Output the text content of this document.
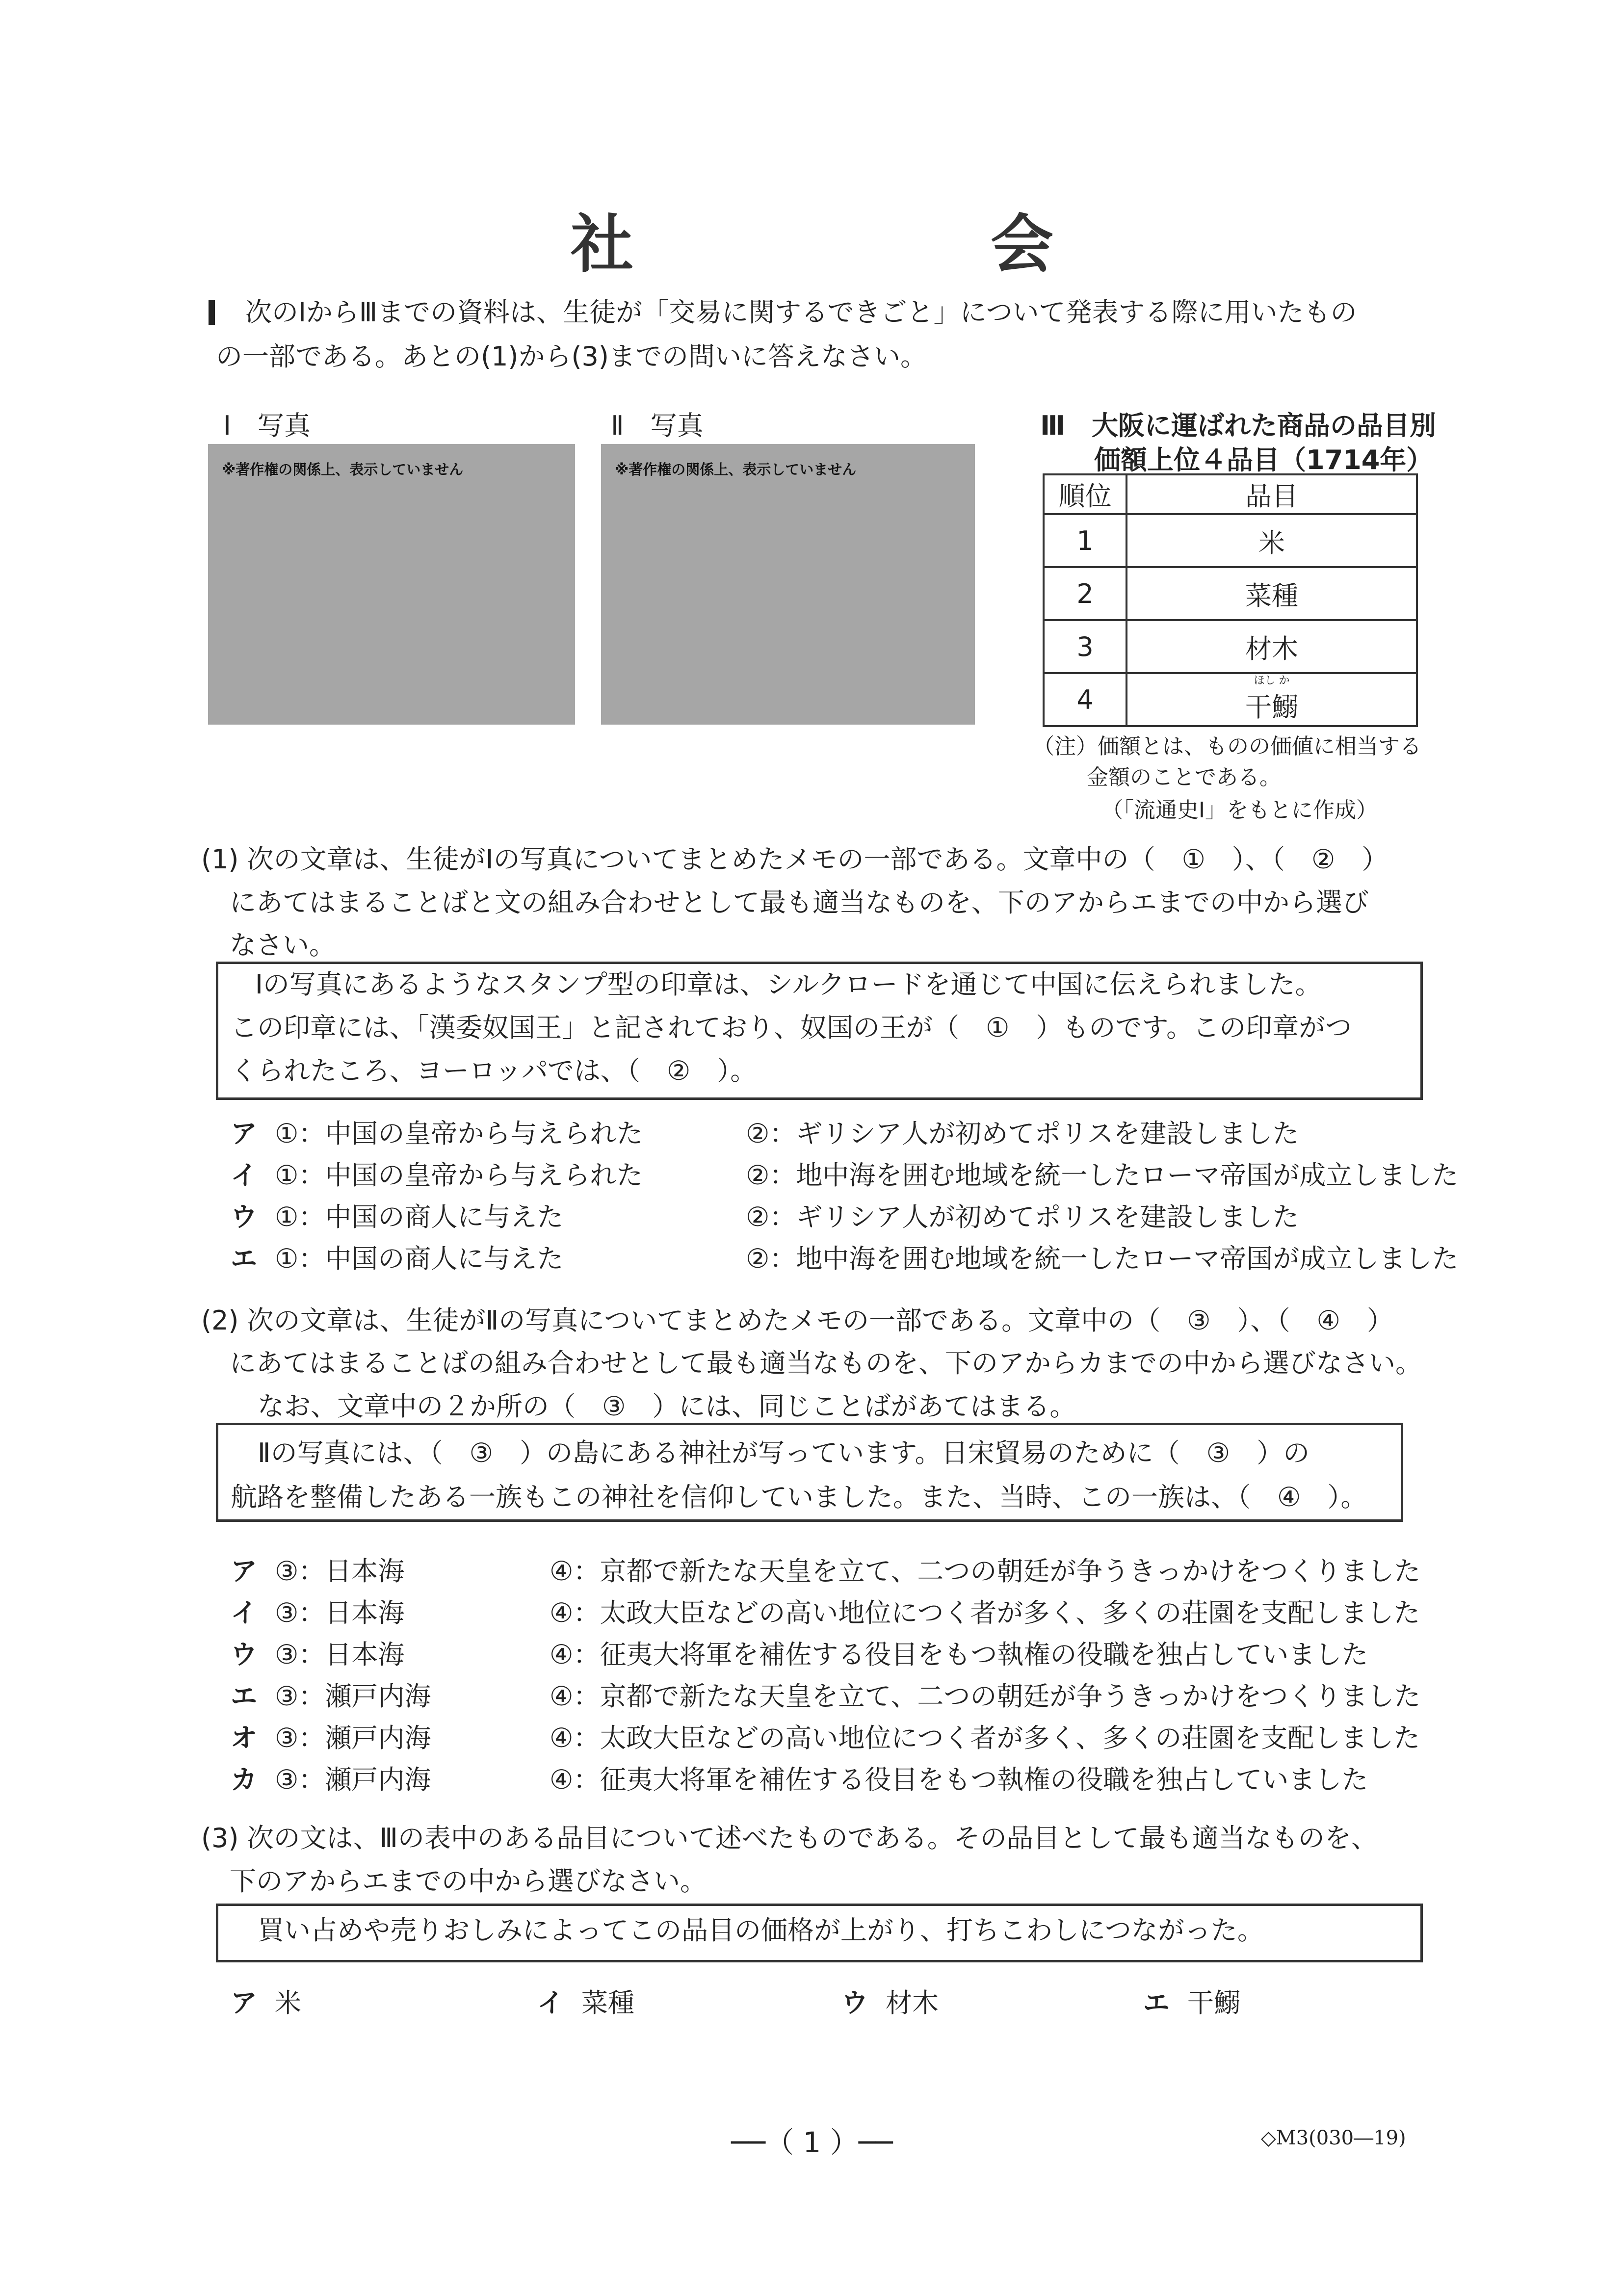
社　会
次のⅠからⅢまでの資料は、生徒が「交易に関するできごと」について発表する際に用いたもの
の一部である。あとの(1)から(3)までの問いに答えなさい。
Ⅰ　写真
※著作権の関係上、表示していません
Ⅱ　写真
※著作権の関係上、表示していません
Ⅲ　大阪に運ばれた商品の品目別
価額上位４品目（1714年）
順位	品目
1	米
2	菜種
3	材木
4	ほし か
干鰯
（注）価額とは、ものの価値に相当する
金額のことである。
（「流通史Ⅰ」をもとに作成）
(1) 次の文章は、生徒がⅠの写真についてまとめたメモの一部である。文章中の（　①　）、（　②　）
にあてはまることばと文の組み合わせとして最も適当なものを、下のアからエまでの中から選び
なさい。
Ⅰの写真にあるようなスタンプ型の印章は、シルクロードを通じて中国に伝えられました。
この印章には、「漢委奴国王」と記されており、奴国の王が（　①　）ものです。この印章がつ
くられたころ、ヨーロッパでは、（　②　）。
ア ①：中国の皇帝から与えられた	②：ギリシア人が初めてポリスを建設しました
イ ①：中国の皇帝から与えられた	②：地中海を囲む地域を統一したローマ帝国が成立しました
ウ ①：中国の商人に与えた	②：ギリシア人が初めてポリスを建設しました
エ ①：中国の商人に与えた	②：地中海を囲む地域を統一したローマ帝国が成立しました
(2) 次の文章は、生徒がⅡの写真についてまとめたメモの一部である。文章中の（　③　）、（　④　）
にあてはまることばの組み合わせとして最も適当なものを、下のアからカまでの中から選びなさい。
なお、文章中の２か所の（　③　）には、同じことばがあてはまる。
Ⅱの写真には、（　③　）の島にある神社が写っています。日宋貿易のために（　③　）の
航路を整備したある一族もこの神社を信仰していました。また、当時、この一族は、（　④　）。
ア ③：日本海	④：京都で新たな天皇を立て、二つの朝廷が争うきっかけをつくりました
イ ③：日本海	④：太政大臣などの高い地位につく者が多く、多くの荘園を支配しました
ウ ③：日本海	④：征夷大将軍を補佐する役目をもつ執権の役職を独占していました
エ ③：瀬戸内海	④：京都で新たな天皇を立て、二つの朝廷が争うきっかけをつくりました
オ ③：瀬戸内海	④：太政大臣などの高い地位につく者が多く、多くの荘園を支配しました
カ ③：瀬戸内海	④：征夷大将軍を補佐する役目をもつ執権の役職を独占していました
(3) 次の文は、Ⅲの表中のある品目について述べたものである。その品目として最も適当なものを、
下のアからエまでの中から選びなさい。
買い占めや売りおしみによってこの品目の価格が上がり、打ちこわしにつながった。
ア 米	イ 菜種	ウ 材木	エ 干鰯
──（ 1 ）──	◇M3(030―19)
